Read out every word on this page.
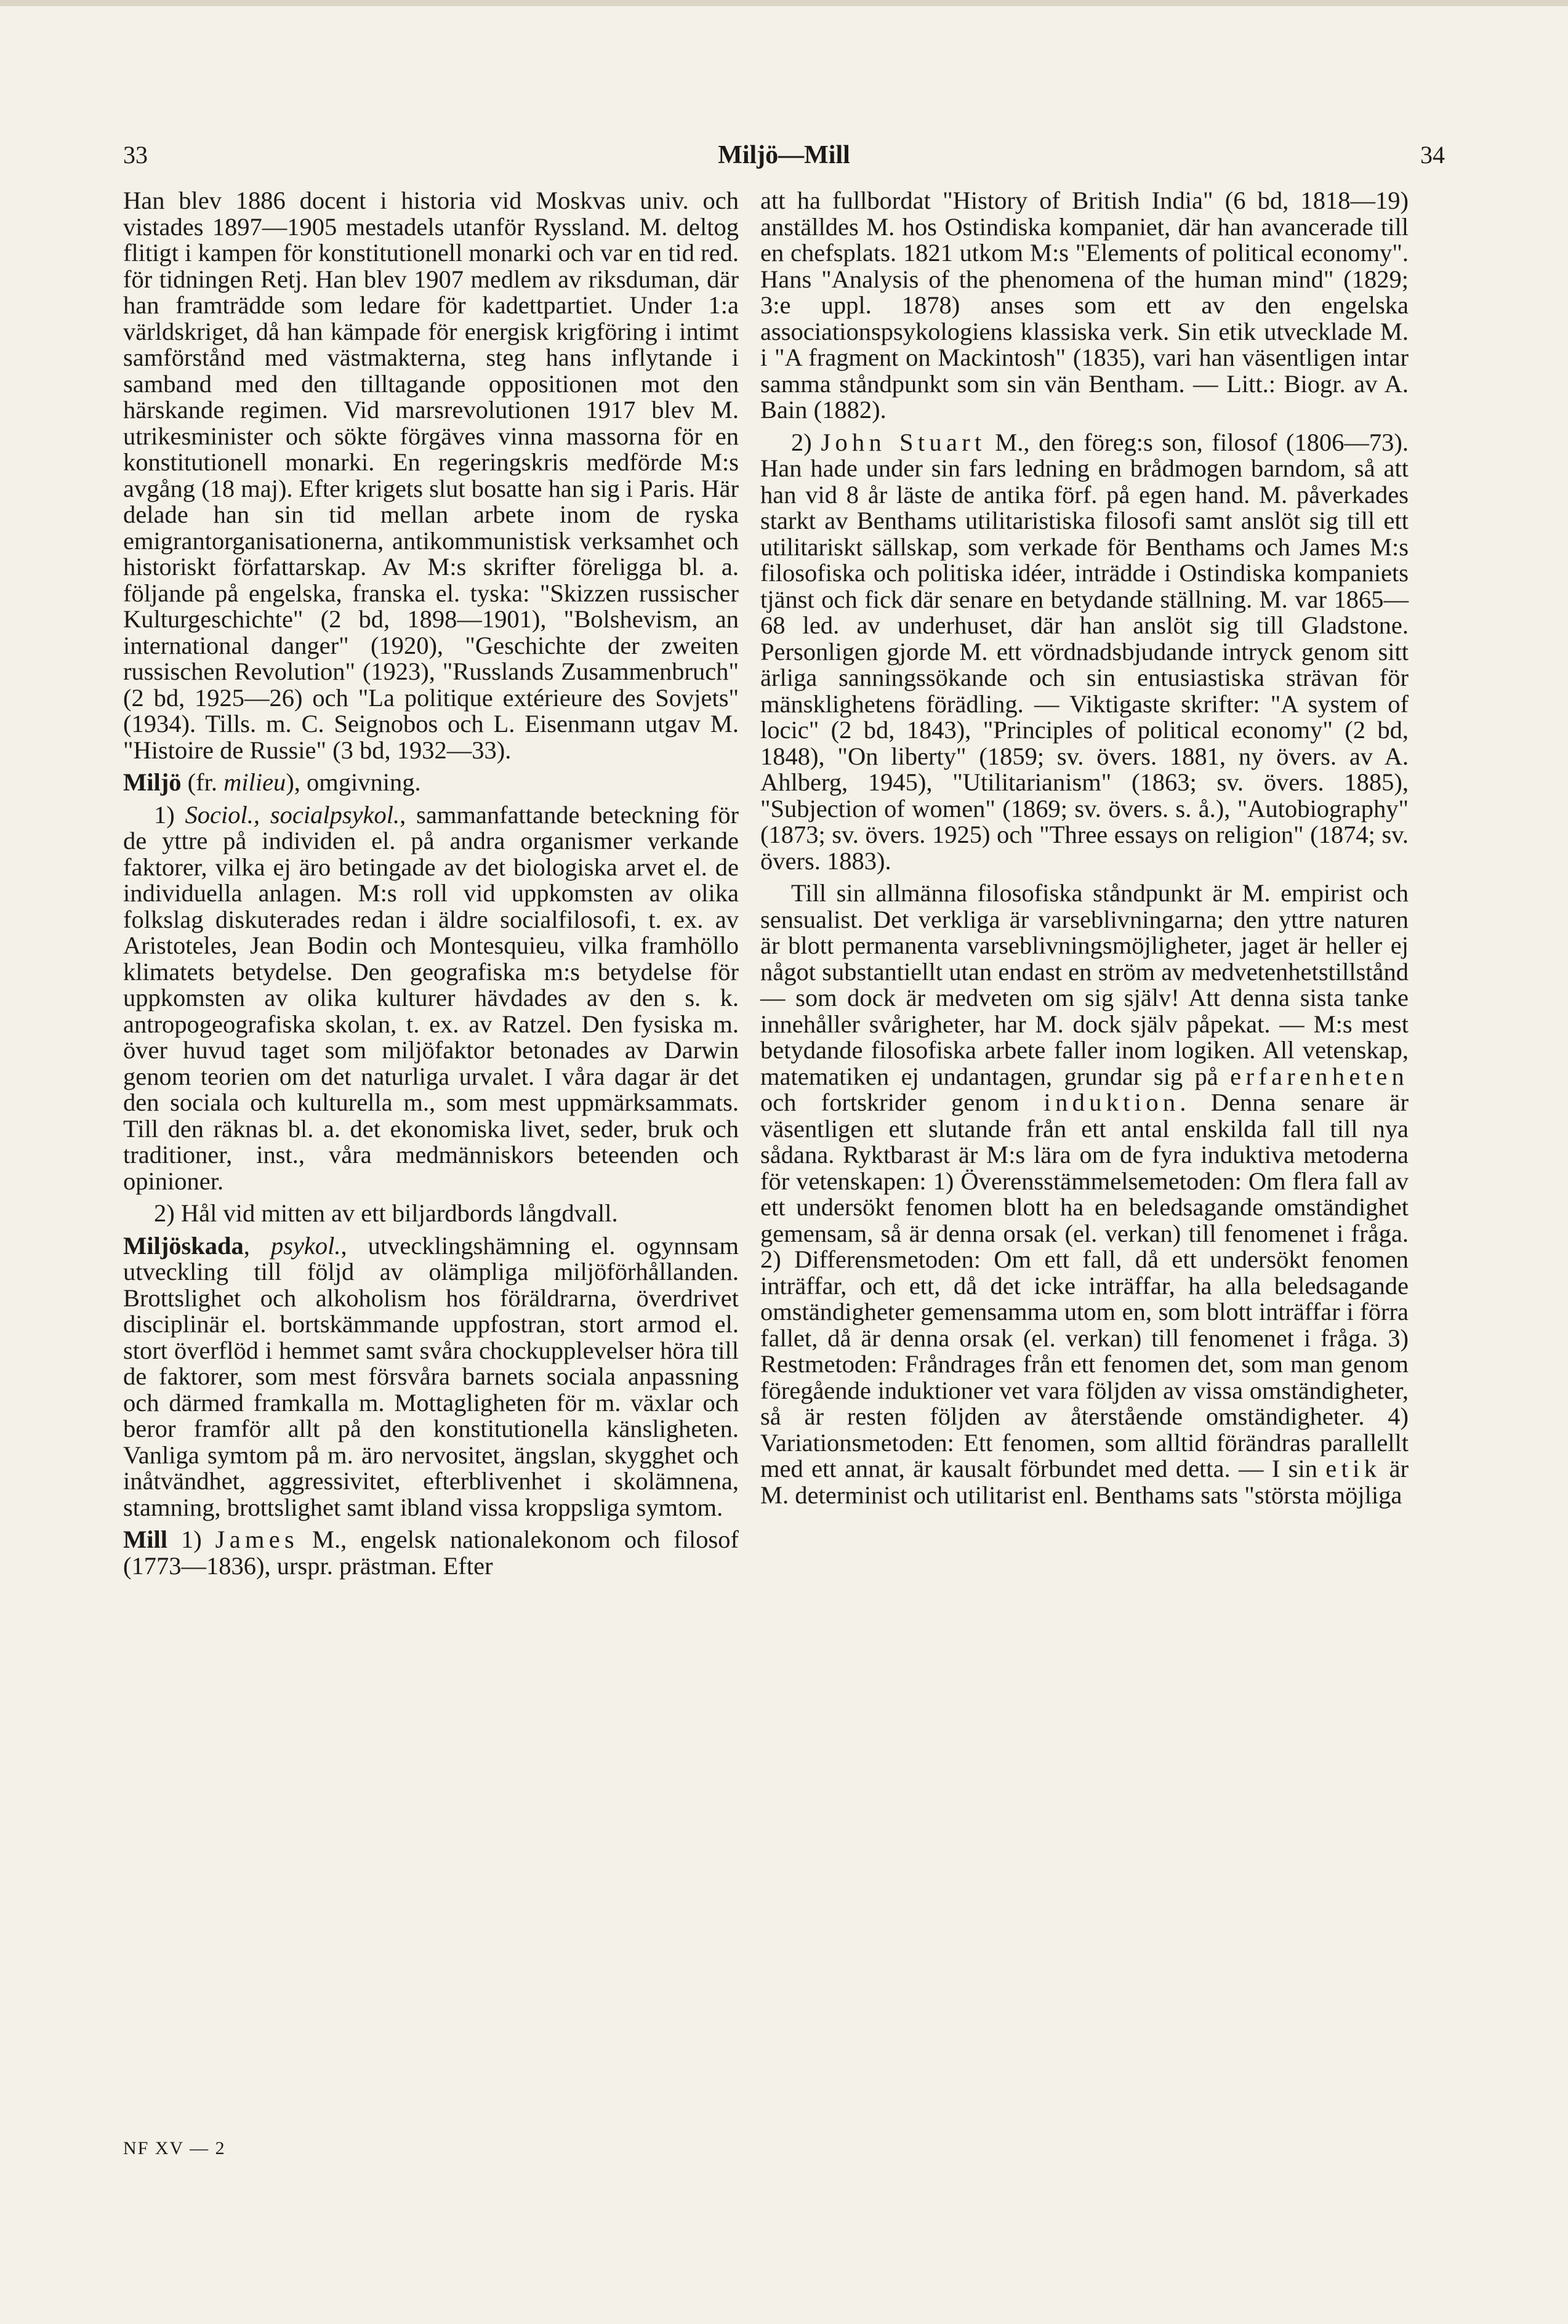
33	Miljö—Mill	34

Han blev 1886 docent i historia vid Moskvas univ. och vistades 1897—1905 mestadels utanför Ryssland. M. deltog flitigt i kampen för konstitutionell monarki och var en tid red. för tidningen Retj. Han blev 1907 medlem av riksduman, där han framträdde som ledare för kadettpartiet. Under 1:a världskriget, då han kämpade för energisk krigföring i intimt samförstånd med västmakterna, steg hans inflytande i samband med den tilltagande oppositionen mot den härskande regimen. Vid marsrevolutionen 1917 blev M. utrikesminister och sökte förgäves vinna massorna för en konstitutionell monarki. En regeringskris medförde M:s avgång (18 maj). Efter krigets slut bosatte han sig i Paris. Här delade han sin tid mellan arbete inom de ryska emigrantorganisationerna, antikommunistisk verksamhet och historiskt författarskap. Av M:s skrifter föreligga bl. a. följande på engelska, franska el. tyska: "Skizzen russischer Kulturgeschichte" (2 bd, 1898—1901), "Bolshevism, an international danger" (1920), "Geschichte der zweiten russischen Revolution" (1923), "Russlands Zusammenbruch" (2 bd, 1925—26) och "La politique extérieure des Sovjets" (1934). Tills. m. C. Seignobos och L. Eisenmann utgav M. "Histoire de Russie" (3 bd, 1932—33).

Miljö (fr. milieu), omgivning.

1) Sociol., socialpsykol., sammanfattande beteckning för de yttre på individen el. på andra organismer verkande faktorer, vilka ej äro betingade av det biologiska arvet el. de individuella anlagen. M:s roll vid uppkomsten av olika folkslag diskuterades redan i äldre socialfilosofi, t. ex. av Aristoteles, Jean Bodin och Montesquieu, vilka framhöllo klimatets betydelse. Den geografiska m:s betydelse för uppkomsten av olika kulturer hävdades av den s. k. antropogeografiska skolan, t. ex. av Ratzel. Den fysiska m. över huvud taget som miljöfaktor betonades av Darwin genom teorien om det naturliga urvalet. I våra dagar är det den sociala och kulturella m., som mest uppmärksammats. Till den räknas bl. a. det ekonomiska livet, seder, bruk och traditioner, inst., våra medmänniskors beteenden och opinioner.

2) Hål vid mitten av ett biljardbords långdvall.

Miljöskada, psykol., utvecklingshämning el. ogynnsam utveckling till följd av olämpliga miljöförhållanden. Brottslighet och alkoholism hos föräldrarna, överdrivet disciplinär el. bortskämmande uppfostran, stort armod el. stort överflöd i hemmet samt svåra chockupplevelser höra till de faktorer, som mest försvåra barnets sociala anpassning och därmed framkalla m. Mottagligheten för m. växlar och beror framför allt på den konstitutionella känsligheten. Vanliga symtom på m. äro nervositet, ängslan, skygghet och inåtvändhet, aggressivitet, efterblivenhet i skolämnena, stamning, brottslighet samt ibland vissa kroppsliga symtom.

Mill 1) James M., engelsk nationalekonom och filosof (1773—1836), urspr. prästman. Efter

att ha fullbordat "History of British India" (6 bd, 1818—19) anställdes M. hos Ostindiska kompaniet, där han avancerade till en chefsplats. 1821 utkom M:s "Elements of political economy". Hans "Analysis of the phenomena of the human mind" (1829; 3:e uppl. 1878) anses som ett av den engelska associationspsykologiens klassiska verk. Sin etik utvecklade M. i "A fragment on Mackintosh" (1835), vari han väsentligen intar samma ståndpunkt som sin vän Bentham. — Litt.: Biogr. av A. Bain (1882).

2) John Stuart M., den föreg:s son, filosof (1806—73). Han hade under sin fars ledning en brådmogen barndom, så att han vid 8 år läste de antika förf. på egen hand. M. påverkades starkt av Benthams utilitaristiska filosofi samt anslöt sig till ett utilitariskt sällskap, som verkade för Benthams och James M:s filosofiska och politiska idéer, inträdde i Ostindiska kompaniets tjänst och fick där senare en betydande ställning. M. var 1865—68 led. av underhuset, där han anslöt sig till Gladstone. Personligen gjorde M. ett vördnadsbjudande intryck genom sitt ärliga sanningssökande och sin entusiastiska strävan för mänsklighetens förädling. — Viktigaste skrifter: "A system of locic" (2 bd, 1843), "Principles of political economy" (2 bd, 1848), "On liberty" (1859; sv. övers. 1881, ny övers. av A. Ahlberg, 1945), "Utilitarianism" (1863; sv. övers. 1885), "Subjection of women" (1869; sv. övers. s. å.), "Autobiography" (1873; sv. övers. 1925) och "Three essays on religion" (1874; sv. övers. 1883).

Till sin allmänna filosofiska ståndpunkt är M. empirist och sensualist. Det verkliga är varseblivningarna; den yttre naturen är blott permanenta varseblivningsmöjligheter, jaget är heller ej något substantiellt utan endast en ström av medvetenhetstillstånd — som dock är medveten om sig själv! Att denna sista tanke innehåller svårigheter, har M. dock själv påpekat. — M:s mest betydande filosofiska arbete faller inom logiken. All vetenskap, matematiken ej undantagen, grundar sig på erfarenheten och fortskrider genom induktion. Denna senare är väsentligen ett slutande från ett antal enskilda fall till nya sådana. Ryktbarast är M:s lära om de fyra induktiva metoderna för vetenskapen: 1) Överensstämmelsemetoden: Om flera fall av ett undersökt fenomen blott ha en beledsagande omständighet gemensam, så är denna orsak (el. verkan) till fenomenet i fråga. 2) Differensmetoden: Om ett fall, då ett undersökt fenomen inträffar, och ett, då det icke inträffar, ha alla beledsagande omständigheter gemensamma utom en, som blott inträffar i förra fallet, då är denna orsak (el. verkan) till fenomenet i fråga. 3) Restmetoden: Fråndrages från ett fenomen det, som man genom föregående induktioner vet vara följden av vissa omständigheter, så är resten följden av återstående omständigheter. 4) Variationsmetoden: Ett fenomen, som alltid förändras parallellt med ett annat, är kausalt förbundet med detta. — I sin etik är M. determinist och utilitarist enl. Benthams sats "största möjliga

NF XV — 2
